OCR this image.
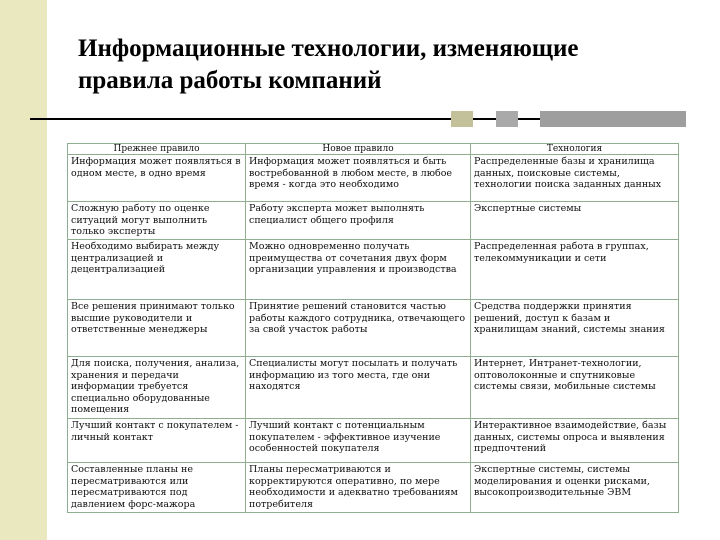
Информационные технологии, изменяющие
правила работы компаний
Прежнее правило	Новое правило	Технология
Информация может появляться в одном месте, в одно время	Информация может появляться и быть востребованной в любом месте, в любое время - когда это необходимо	Распределенные базы и хранилища данных, поисковые системы, технологии поиска заданных данных
Сложную работу по оценке ситуаций могут выполнить только эксперты	Работу эксперта может выполнять специалист общего профиля	Экспертные системы
Необходимо выбирать между централизацией и децентрализацией	Можно одновременно получать преимущества от сочетания двух форм организации управления и производства	Распределенная работа в группах, телекоммуникации и сети
Все решения принимают только высшие руководители и ответственные менеджеры	Принятие решений становится частью работы каждого сотрудника, отвечающего за свой участок работы	Средства поддержки принятия решений, доступ к базам и хранилищам знаний, системы знания
Для поиска, получения, анализа, хранения и передачи информации требуется специально оборудованные помещения	Специалисты могут посылать и получать информацию из того места, где они находятся	Интернет, Интранет-технологии, оптоволоконные и спутниковые системы связи, мобильные системы
Лучший контакт с покупателем - личный контакт	Лучший контакт с потенциальным покупателем - эффективное изучение особенностей покупателя	Интерактивное взаимодействие, базы данных, системы опроса и выявления предпочтений
Составленные планы не пересматриваются или пересматриваются под давлением форс-мажора	Планы пересматриваются и корректируются оперативно, по мере необходимости и адекватно требованиям потребителя	Экспертные системы, системы моделирования и оценки рисками, высокопроизводительные ЭВМ
